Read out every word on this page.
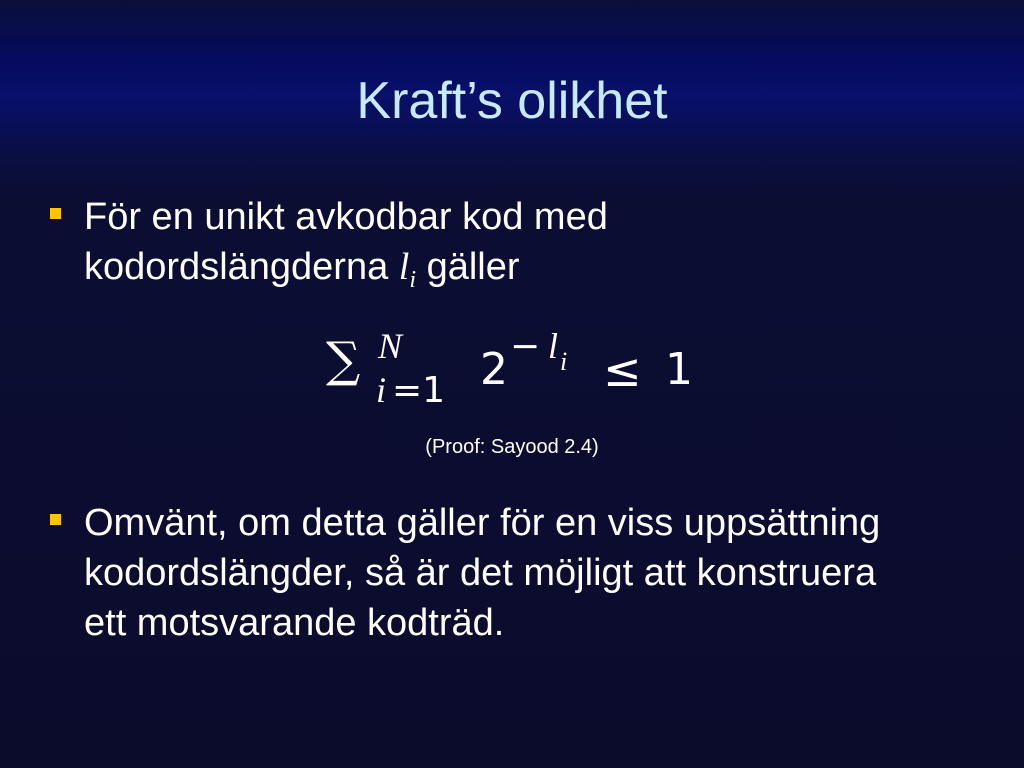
Kraft’s olikhet
För en unikt avkodbar kod med kodordslängderna $l_i$ gäller
∑ N
i =1 2 − l i ≤ 1
(Proof: Sayood 2.4)
Omvänt, om detta gäller för en viss uppsättning kodordslängder, så är det möjligt att konstruera ett motsvarande kodträd.
